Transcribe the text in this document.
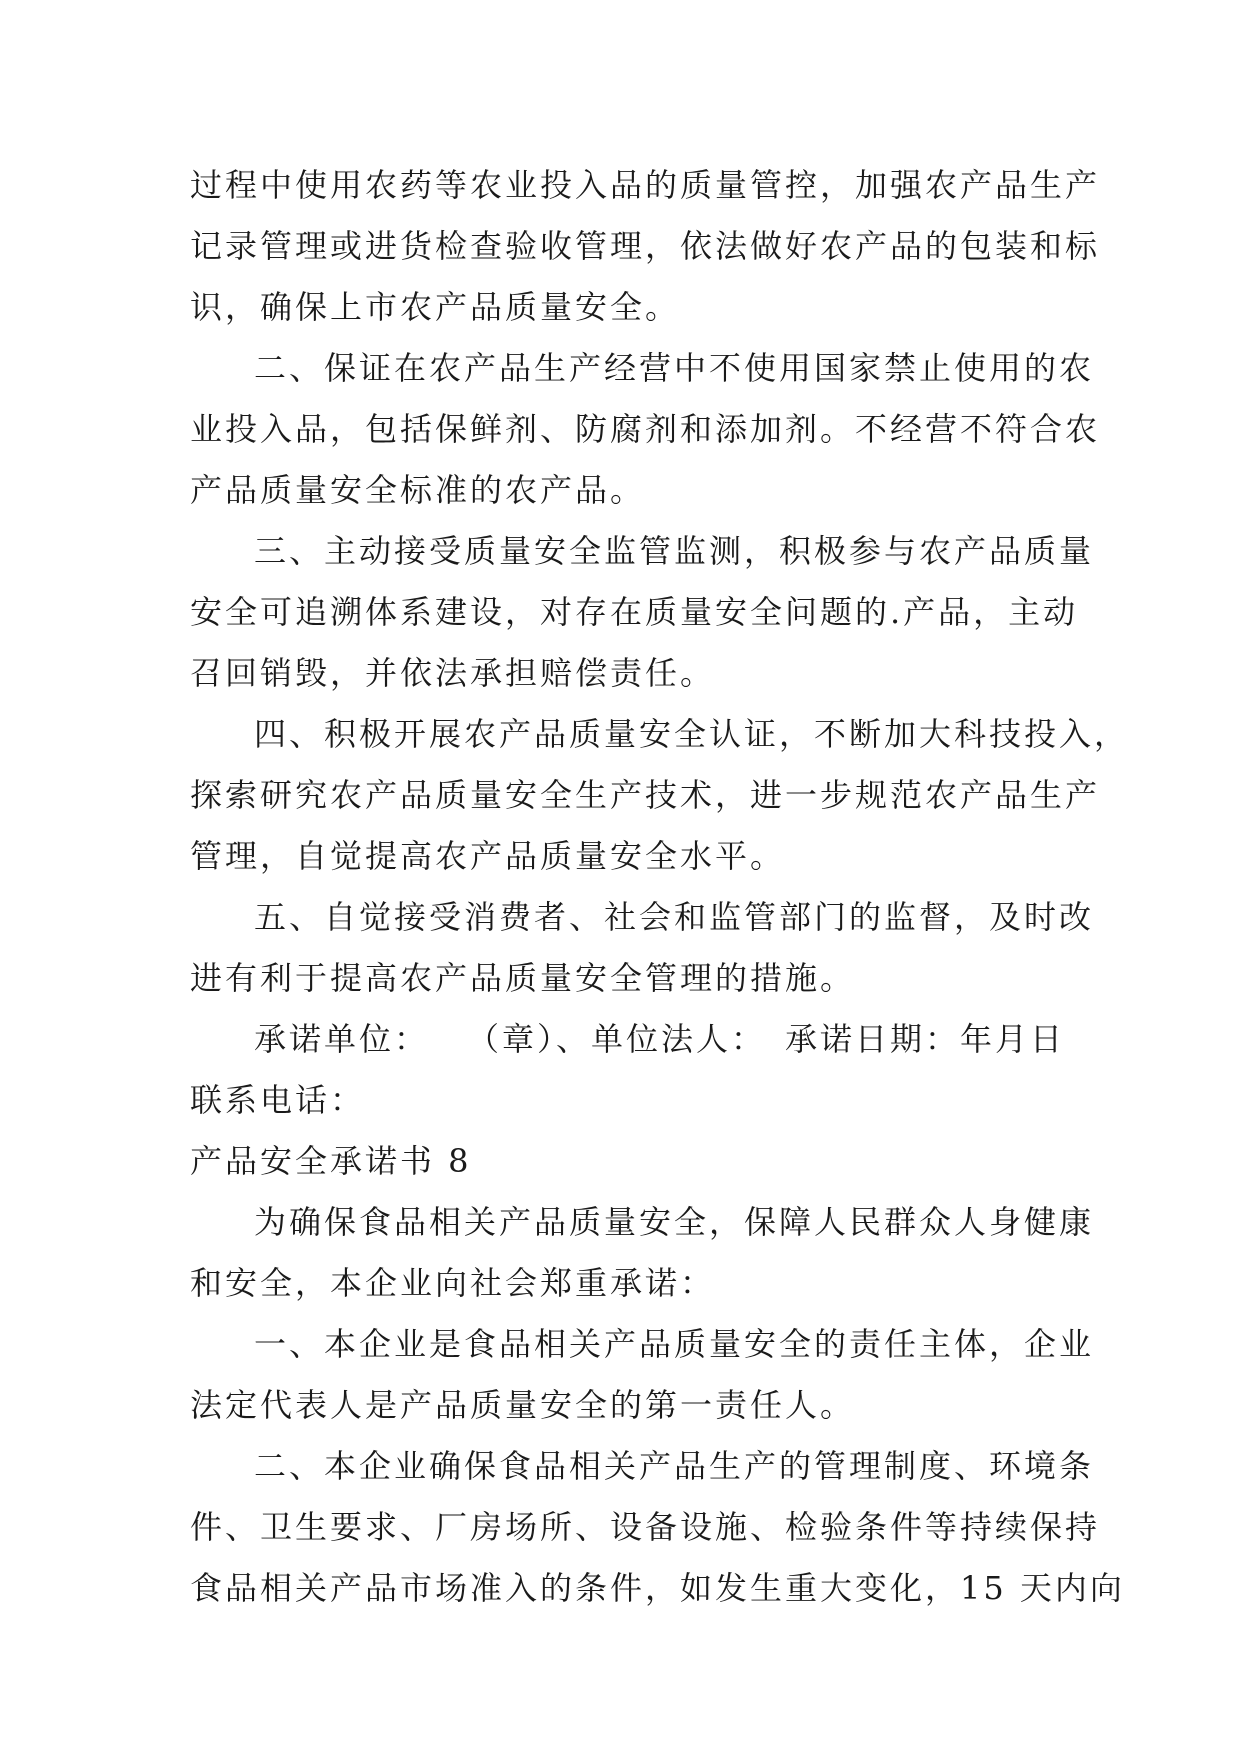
过程中使用农药等农业投入品的质量管控，加强农产品生产
记录管理或进货检查验收管理，依法做好农产品的包装和标
识，确保上市农产品质量安全。
二、保证在农产品生产经营中不使用国家禁止使用的农
业投入品，包括保鲜剂、防腐剂和添加剂。不经营不符合农
产品质量安全标准的农产品。
三、主动接受质量安全监管监测，积极参与农产品质量
安全可追溯体系建设，对存在质量安全问题的.产品，主动
召回销毁，并依法承担赔偿责任。
四、积极开展农产品质量安全认证，不断加大科技投入，
探索研究农产品质量安全生产技术，进一步规范农产品生产
管理，自觉提高农产品质量安全水平。
五、自觉接受消费者、社会和监管部门的监督，及时改
进有利于提高农产品质量安全管理的措施。
承诺单位：　　（章）、单位法人：　承诺日期：年月日
联系电话：
产品安全承诺书 8
为确保食品相关产品质量安全，保障人民群众人身健康
和安全，本企业向社会郑重承诺：
一、本企业是食品相关产品质量安全的责任主体，企业
法定代表人是产品质量安全的第一责任人。
二、本企业确保食品相关产品生产的管理制度、环境条
件、卫生要求、厂房场所、设备设施、检验条件等持续保持
食品相关产品市场准入的条件，如发生重大变化，15 天内向
